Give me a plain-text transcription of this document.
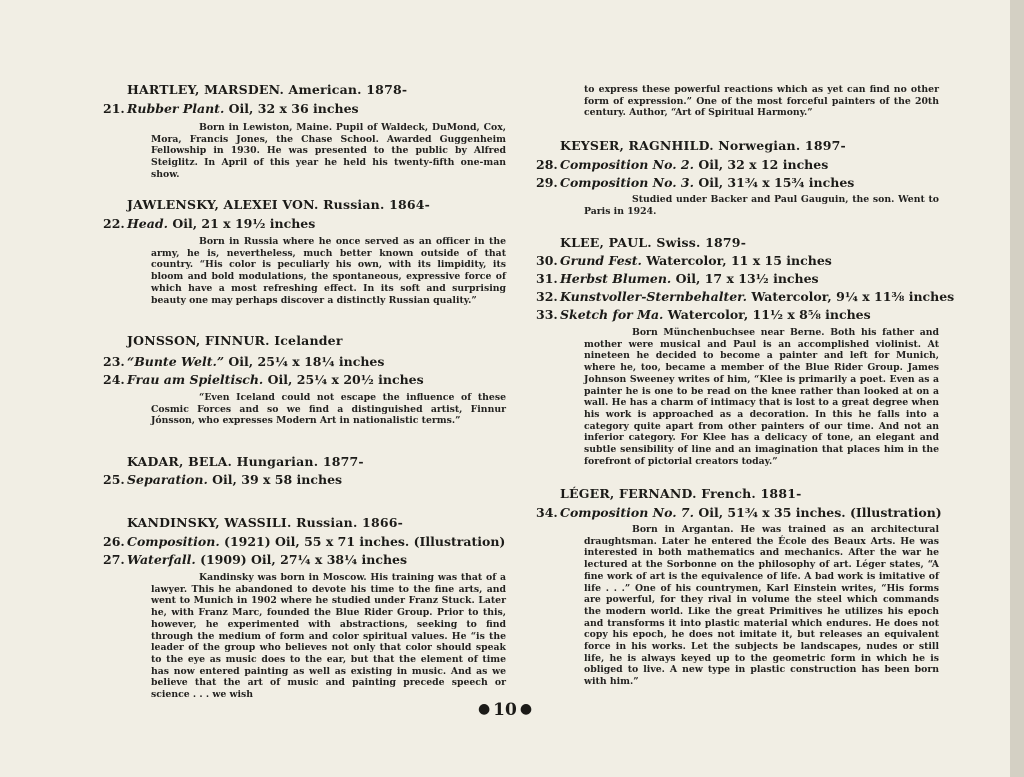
HARTLEY, MARSDEN. American. 1878-
21. Rubber Plant. Oil, 32 x 36 inches
Born in Lewiston, Maine. Pupil of Waldeck, DuMond, Cox, Mora, Francis Jones, the Chase School. Awarded Guggenheim Fellowship in 1930. He was presented to the public by Alfred Steiglitz. In April of this year he held his twenty-fifth one-man show.
JAWLENSKY, ALEXEI VON. Russian. 1864-
22. Head. Oil, 21 x 19½ inches
Born in Russia where he once served as an officer in the army, he is, nevertheless, much better known outside of that country. “His color is peculiarly his own, with its limpidity, its bloom and bold modulations, the spontaneous, expressive force of which have a most refreshing effect. In its soft and surprising beauty one may perhaps discover a distinctly Russian quality.”
JONSSON, FINNUR. Icelander
23. “Bunte Welt.” Oil, 25¼ x 18¼ inches
24. Frau am Spieltisch. Oil, 25¼ x 20½ inches
“Even Iceland could not escape the influence of these Cosmic Forces and so we find a distinguished artist, Finnur Jónsson, who expresses Modern Art in nationalistic terms.”
KADAR, BELA. Hungarian. 1877-
25. Separation. Oil, 39 x 58 inches
KANDINSKY, WASSILI. Russian. 1866-
26. Composition. (1921) Oil, 55 x 71 inches. (Illustration)
27. Waterfall. (1909) Oil, 27¼ x 38¼ inches
Kandinsky was born in Moscow. His training was that of a lawyer. This he abandoned to devote his time to the fine arts, and went to Munich in 1902 where he studied under Franz Stuck. Later he, with Franz Marc, founded the Blue Rider Group. Prior to this, however, he experimented with abstractions, seeking to find through the medium of form and color spiritual values. He “is the leader of the group who believes not only that color should speak to the eye as music does to the ear, but that the element of time has now entered painting as well as existing in music. And as we believe that the art of music and painting precede speech or science . . . we wish
to express these powerful reactions which as yet can find no other form of expression.” One of the most forceful painters of the 20th century. Author, “Art of Spiritual Harmony.”
KEYSER, RAGNHILD. Norwegian. 1897-
28. Composition No. 2. Oil, 32 x 12 inches
29. Composition No. 3. Oil, 31¾ x 15¾ inches
Studied under Backer and Paul Gauguin, the son. Went to Paris in 1924.
KLEE, PAUL. Swiss. 1879-
30. Grund Fest. Watercolor, 11 x 15 inches
31. Herbst Blumen. Oil, 17 x 13½ inches
32. Kunstvoller-Sternbehalter. Watercolor, 9¼ x 11⅜ inches
33. Sketch for Ma. Watercolor, 11½ x 8⅝ inches
Born Münchenbuchsee near Berne. Both his father and mother were musical and Paul is an accomplished violinist. At nineteen he decided to become a painter and left for Munich, where he, too, became a member of the Blue Rider Group. James Johnson Sweeney writes of him, “Klee is primarily a poet. Even as a painter he is one to be read on the knee rather than looked at on a wall. He has a charm of intimacy that is lost to a great degree when his work is approached as a decoration. In this he falls into a category quite apart from other painters of our time. And not an inferior category. For Klee has a delicacy of tone, an elegant and subtle sensibility of line and an imagination that places him in the forefront of pictorial creators today.”
LÉGER, FERNAND. French. 1881-
34. Composition No. 7. Oil, 51¾ x 35 inches. (Illustration)
Born in Argantan. He was trained as an architectural draughtsman. Later he entered the École des Beaux Arts. He was interested in both mathematics and mechanics. After the war he lectured at the Sorbonne on the philosophy of art. Léger states, “A fine work of art is the equivalence of life. A bad work is imitative of life . . .” One of his countrymen, Karl Einstein writes, “His forms are powerful, for they rival in volume the steel which commands the modern world. Like the great Primitives he utilizes his epoch and transforms it into plastic material which endures. He does not copy his epoch, he does not imitate it, but releases an equivalent force in his works. Let the subjects be landscapes, nudes or still life, he is always keyed up to the geometric form in which he is obliged to live. A new type in plastic construction has been born with him.”
● 10 ●
